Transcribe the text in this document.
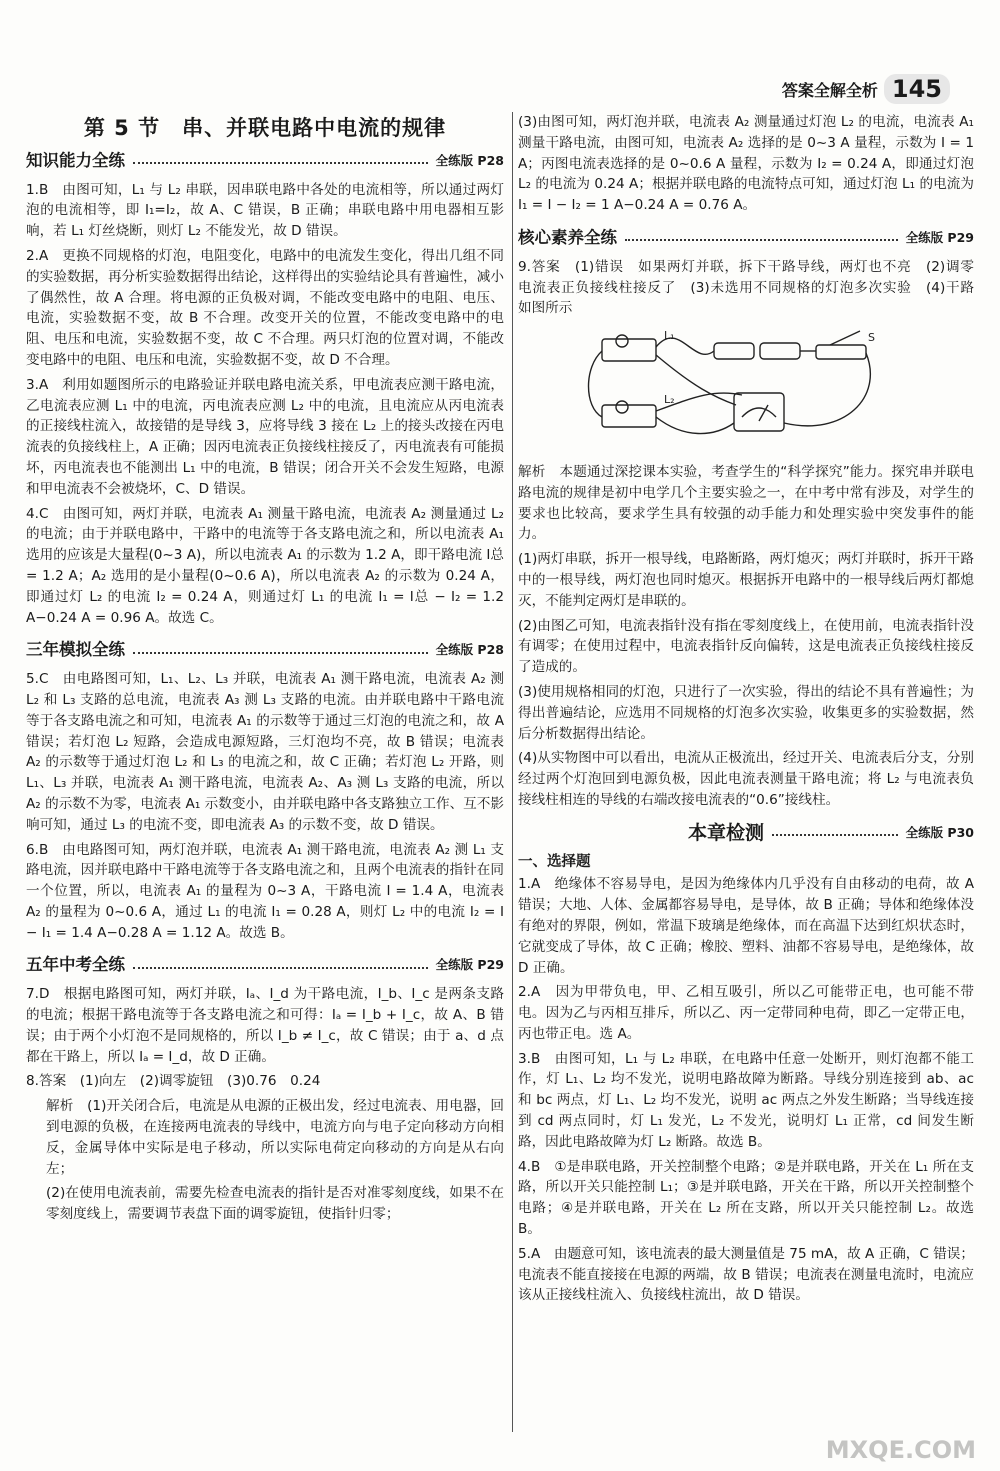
答案全解全析 145
第 5 节　串、并联电路中电流的规律
知识能力全练	全练版 P28

1.B　由图可知，L₁ 与 L₂ 串联，因串联电路中各处的电流相等，所以通过两灯泡的电流相等，即 I₁=I₂，故 A、C 错误，B 正确；串联电路中用电器相互影响，若 L₁ 灯丝烧断，则灯 L₂ 不能发光，故 D 错误。

2.A　更换不同规格的灯泡，电阻变化，电路中的电流发生变化，得出几组不同的实验数据，再分析实验数据得出结论，这样得出的实验结论具有普遍性，减小了偶然性，故 A 合理。将电源的正负极对调，不能改变电路中的电阻、电压、电流，实验数据不变，故 B 不合理。改变开关的位置，不能改变电路中的电阻、电压和电流，实验数据不变，故 C 不合理。两只灯泡的位置对调，不能改变电路中的电阻、电压和电流，实验数据不变，故 D 不合理。

3.A　利用如题图所示的电路验证并联电路电流关系，甲电流表应测干路电流，乙电流表应测 L₁ 中的电流，丙电流表应测 L₂ 中的电流，且电流应从丙电流表的正接线柱流入，故接错的是导线 3，应将导线 3 接在 L₂ 上的接头改接在丙电流表的负接线柱上，A 正确；因丙电流表正负接线柱接反了，丙电流表有可能损坏，丙电流表也不能测出 L₁ 中的电流，B 错误；闭合开关不会发生短路，电源和甲电流表不会被烧坏，C、D 错误。

4.C　由图可知，两灯并联，电流表 A₁ 测量干路电流，电流表 A₂ 测量通过 L₂ 的电流；由于并联电路中，干路中的电流等于各支路电流之和，所以电流表 A₁ 选用的应该是大量程(0~3 A)，所以电流表 A₁ 的示数为 1.2 A，即干路电流 I总 = 1.2 A；A₂ 选用的是小量程(0~0.6 A)，所以电流表 A₂ 的示数为 0.24 A，即通过灯 L₂ 的电流 I₂ = 0.24 A，则通过灯 L₁ 的电流 I₁ = I总 − I₂ = 1.2 A−0.24 A = 0.96 A。故选 C。

三年模拟全练	全练版 P28

5.C　由电路图可知，L₁、L₂、L₃ 并联，电流表 A₁ 测干路电流，电流表 A₂ 测 L₂ 和 L₃ 支路的总电流，电流表 A₃ 测 L₃ 支路的电流。由并联电路中干路电流等于各支路电流之和可知，电流表 A₁ 的示数等于通过三灯泡的电流之和，故 A 错误；若灯泡 L₂ 短路，会造成电源短路，三灯泡均不亮，故 B 错误；电流表 A₂ 的示数等于通过灯泡 L₂ 和 L₃ 的电流之和，故 C 正确；若灯泡 L₂ 开路，则 L₁、L₃ 并联，电流表 A₁ 测干路电流，电流表 A₂、A₃ 测 L₃ 支路的电流，所以 A₂ 的示数不为零，电流表 A₁ 示数变小，由并联电路中各支路独立工作、互不影响可知，通过 L₃ 的电流不变，即电流表 A₃ 的示数不变，故 D 错误。

6.B　由电路图可知，两灯泡并联，电流表 A₁ 测干路电流，电流表 A₂ 测 L₁ 支路电流，因并联电路中干路电流等于各支路电流之和，且两个电流表的指针在同一个位置，所以，电流表 A₁ 的量程为 0~3 A，干路电流 I = 1.4 A，电流表 A₂ 的量程为 0~0.6 A，通过 L₁ 的电流 I₁ = 0.28 A，则灯 L₂ 中的电流 I₂ = I − I₁ = 1.4 A−0.28 A = 1.12 A。故选 B。

五年中考全练	全练版 P29

7.D　根据电路图可知，两灯并联，Iₐ、I_d 为干路电流，I_b、I_c 是两条支路的电流；根据干路电流等于各支路电流之和可得：Iₐ = I_b + I_c，故 A、B 错误；由于两个小灯泡不是同规格的，所以 I_b ≠ I_c，故 C 错误；由于 a、d 点都在干路上，所以 Iₐ = I_d，故 D 正确。

8.答案　(1)向左　(2)调零旋钮　(3)0.76　0.24

解析　(1)开关闭合后，电流是从电源的正极出发，经过电流表、用电器，回到电源的负极，在连接两电流表的导线中，电流方向与电子定向移动方向相反，金属导体中实际是电子移动，所以实际电荷定向移动的方向是从右向左；

(2)在使用电流表前，需要先检查电流表的指针是否对准零刻度线，如果不在零刻度线上，需要调节表盘下面的调零旋钮，使指针归零；

(3)由图可知，两灯泡并联，电流表 A₂ 测量通过灯泡 L₂ 的电流，电流表 A₁ 测量干路电流，由图可知，电流表 A₂ 选择的是 0~3 A 量程，示数为 I = 1 A；丙图电流表选择的是 0~0.6 A 量程，示数为 I₂ = 0.24 A，即通过灯泡 L₂ 的电流为 0.24 A；根据并联电路的电流特点可知，通过灯泡 L₁ 的电流为 I₁ = I − I₂ = 1 A−0.24 A = 0.76 A。

核心素养全练	全练版 P29

9.答案　(1)错误　如果两灯并联，拆下干路导线，两灯也不亮　(2)调零　电流表正负接线柱接反了　(3)未选用不同规格的灯泡多次实验　(4)干路　如图所示

L₁
L₂
S

解析　本题通过深挖课本实验，考查学生的“科学探究”能力。探究串并联电路电流的规律是初中电学几个主要实验之一，在中考中常有涉及，对学生的要求也比较高，要求学生具有较强的动手能力和处理实验中突发事件的能力。

(1)两灯串联，拆开一根导线，电路断路，两灯熄灭；两灯并联时，拆开干路中的一根导线，两灯泡也同时熄灭。根据拆开电路中的一根导线后两灯都熄灭，不能判定两灯是串联的。

(2)由图乙可知，电流表指针没有指在零刻度线上，在使用前，电流表指针没有调零；在使用过程中，电流表指针反向偏转，这是电流表正负接线柱接反了造成的。

(3)使用规格相同的灯泡，只进行了一次实验，得出的结论不具有普遍性；为得出普遍结论，应选用不同规格的灯泡多次实验，收集更多的实验数据，然后分析数据得出结论。

(4)从实物图中可以看出，电流从正极流出，经过开关、电流表后分支，分别经过两个灯泡回到电源负极，因此电流表测量干路电流；将 L₂ 与电流表负接线柱相连的导线的右端改接电流表的“0.6”接线柱。

本章检测	全练版 P30
一、选择题

1.A　绝缘体不容易导电，是因为绝缘体内几乎没有自由移动的电荷，故 A 错误；大地、人体、金属都容易导电，是导体，故 B 正确；导体和绝缘体没有绝对的界限，例如，常温下玻璃是绝缘体，而在高温下达到红炽状态时，它就变成了导体，故 C 正确；橡胶、塑料、油都不容易导电，是绝缘体，故 D 正确。

2.A　因为甲带负电，甲、乙相互吸引，所以乙可能带正电，也可能不带电。因为乙与丙相互排斥，所以乙、丙一定带同种电荷，即乙一定带正电，丙也带正电。选 A。

3.B　由图可知，L₁ 与 L₂ 串联，在电路中任意一处断开，则灯泡都不能工作，灯 L₁、L₂ 均不发光，说明电路故障为断路。导线分别连接到 ab、ac 和 bc 两点，灯 L₁、L₂ 均不发光，说明 ac 两点之外发生断路；当导线连接到 cd 两点同时，灯 L₁ 发光，L₂ 不发光，说明灯 L₁ 正常，cd 间发生断路，因此电路故障为灯 L₂ 断路。故选 B。

4.B　①是串联电路，开关控制整个电路；②是并联电路，开关在 L₁ 所在支路，所以开关只能控制 L₁；③是并联电路，开关在干路，所以开关控制整个电路；④是并联电路，开关在 L₂ 所在支路，所以开关只能控制 L₂。故选 B。

5.A　由题意可知，该电流表的最大测量值是 75 mA，故 A 正确，C 错误；电流表不能直接接在电源的两端，故 B 错误；电流表在测量电流时，电流应该从正接线柱流入、负接线柱流出，故 D 错误。

MXQE.COM
